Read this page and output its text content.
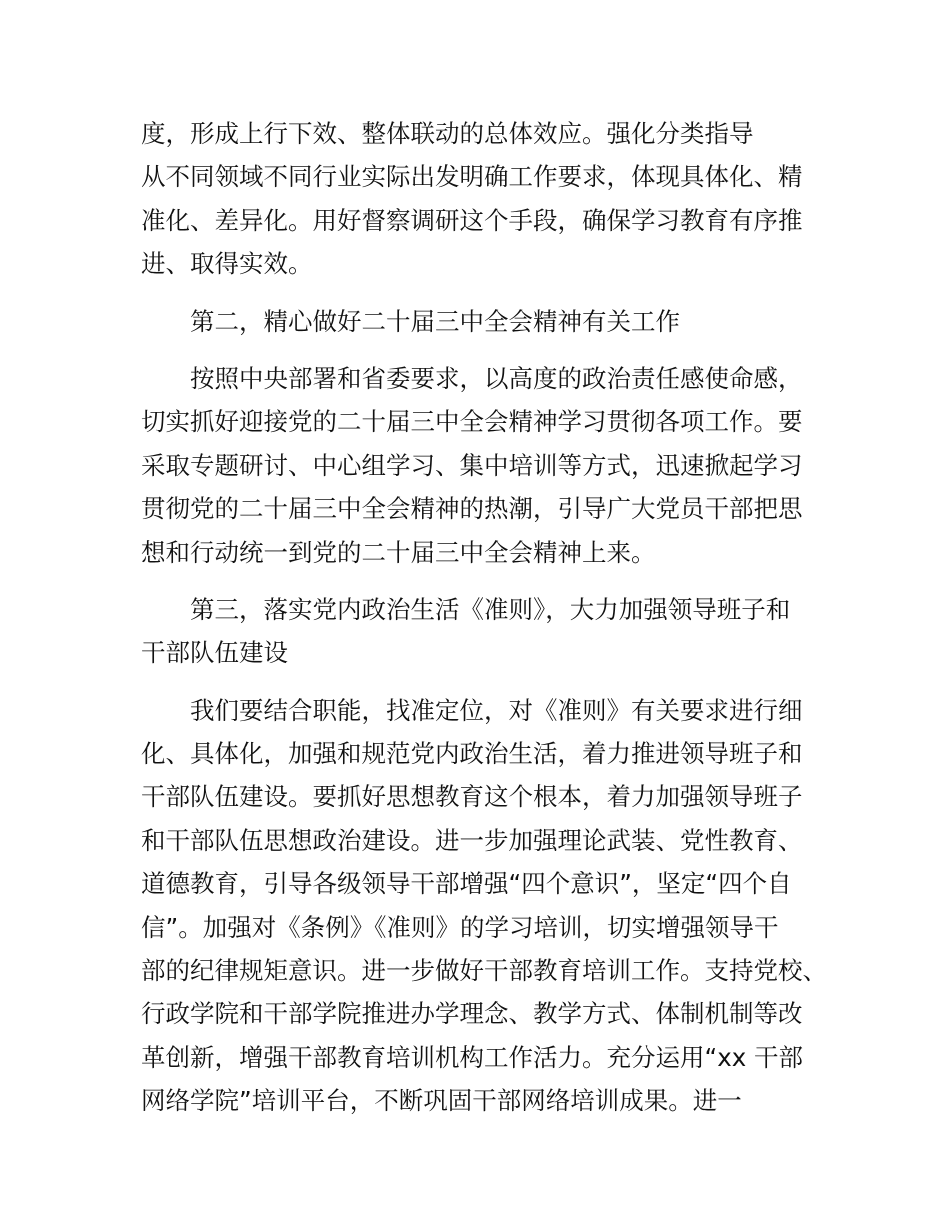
度，形成上行下效、整体联动的总体效应。强化分类指导
从不同领域不同行业实际出发明确工作要求，体现具体化、精
准化、差异化。用好督察调研这个手段，确保学习教育有序推
进、取得实效。
第二，精心做好二十届三中全会精神有关工作
按照中央部署和省委要求，以高度的政治责任感使命感，
切实抓好迎接党的二十届三中全会精神学习贯彻各项工作。要
采取专题研讨、中心组学习、集中培训等方式，迅速掀起学习
贯彻党的二十届三中全会精神的热潮，引导广大党员干部把思
想和行动统一到党的二十届三中全会精神上来。
第三，落实党内政治生活《准则》，大力加强领导班子和
干部队伍建设
我们要结合职能，找准定位，对《准则》有关要求进行细
化、具体化，加强和规范党内政治生活，着力推进领导班子和
干部队伍建设。要抓好思想教育这个根本，着力加强领导班子
和干部队伍思想政治建设。进一步加强理论武装、党性教育、
道德教育，引导各级领导干部增强“四个意识”，坚定“四个自
信”。加强对《条例》《准则》的学习培训，切实增强领导干
部的纪律规矩意识。进一步做好干部教育培训工作。支持党校、
行政学院和干部学院推进办学理念、教学方式、体制机制等改
革创新，增强干部教育培训机构工作活力。充分运用“xx 干部
网络学院”培训平台，不断巩固干部网络培训成果。进一
